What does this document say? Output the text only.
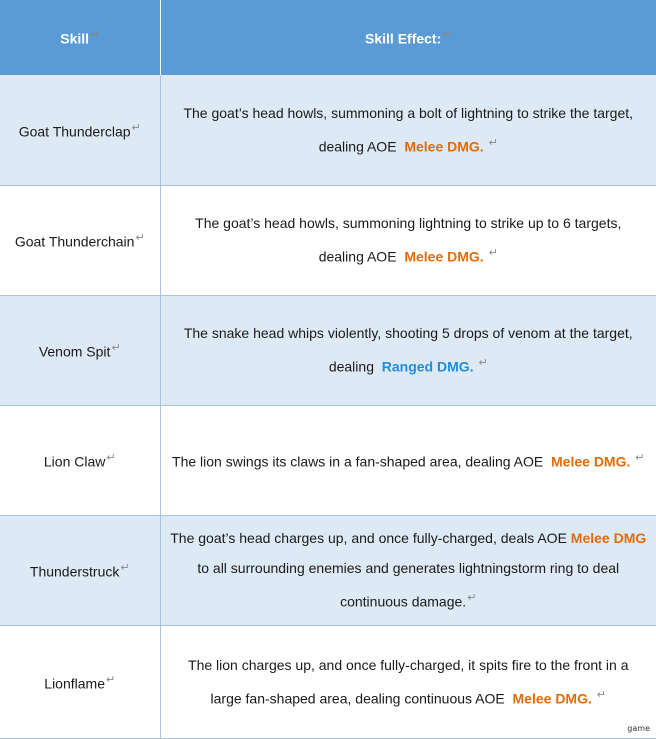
Skill↵	Skill Effect:↵
Goat Thunderclap↵	The goat’s head howls, summoning a bolt of lightning to strike the target,
dealing AOE Melee DMG. ↵
Goat Thunderchain↵	The goat’s head howls, summoning lightning to strike up to 6 targets,
dealing AOE Melee DMG. ↵
Venom Spit↵	The snake head whips violently, shooting 5 drops of venom at the target,
dealing Ranged DMG. ↵
Lion Claw↵	The lion swings its claws in a fan-shaped area, dealing AOE Melee DMG. ↵
Thunderstruck↵	The goat’s head charges up, and once fully-charged, deals AOE Melee DMG
to all surrounding enemies and generates lightningstorm ring to deal
continuous damage.↵
Lionflame↵	The lion charges up, and once fully-charged, it spits fire to the front in a
large fan-shaped area, dealing continuous AOE Melee DMG. ↵
game
